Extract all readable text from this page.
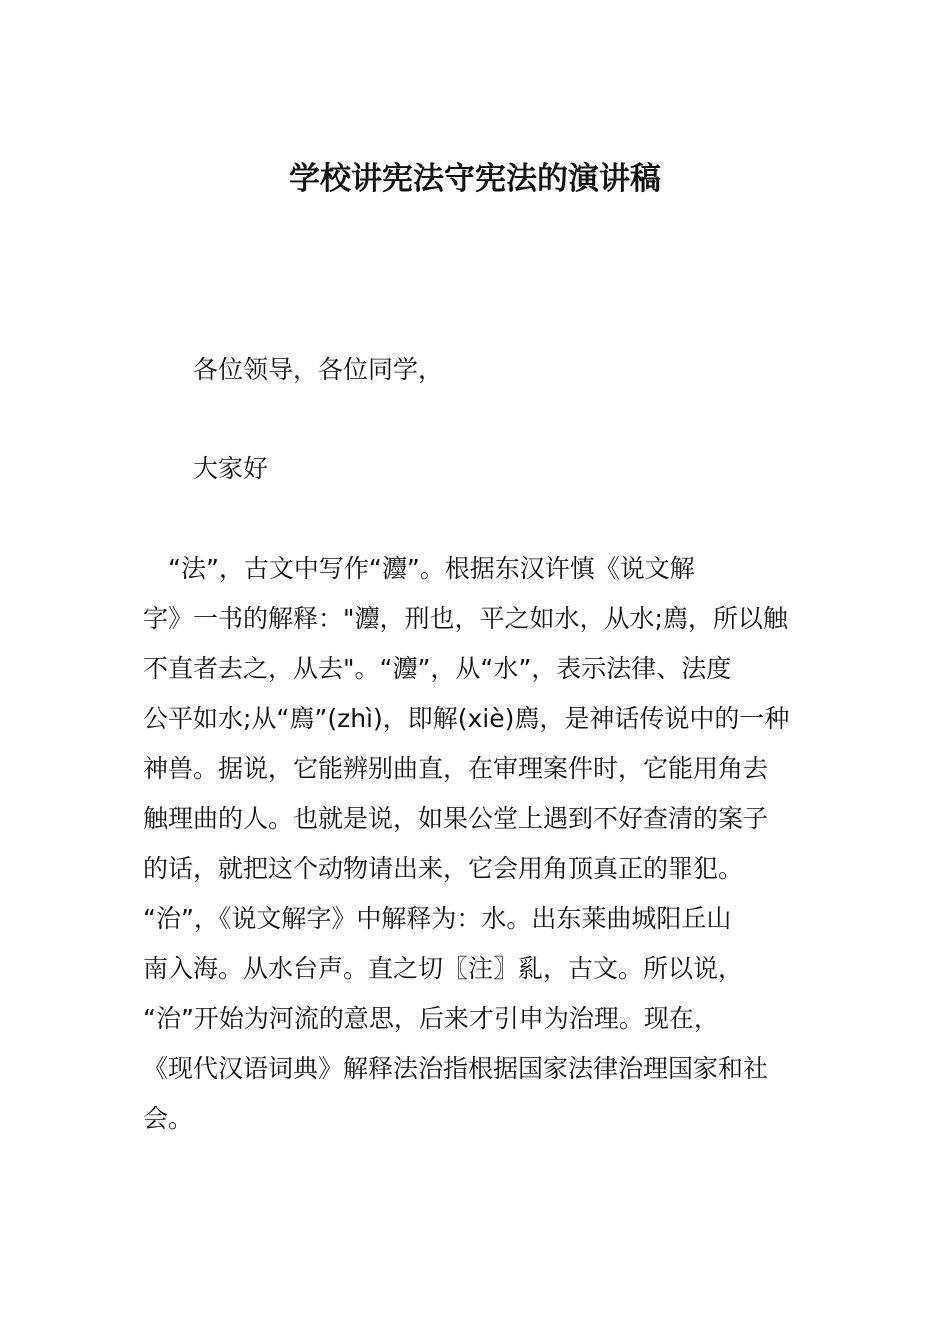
学校讲宪法守宪法的演讲稿

各位领导，各位同学，

大家好

　“法”，古文中写作“灋”。根据东汉许慎《说文解
字》一书的解释："灋，刑也，平之如水，从水;廌，所以触
不直者去之，从去"。“灋”，从“水”，表示法律、法度
公平如水;从“廌”(zhì)，即解(xiè)廌，是神话传说中的一种
神兽。据说，它能辨别曲直，在审理案件时，它能用角去
触理曲的人。也就是说，如果公堂上遇到不好查清的案子
的话，就把这个动物请出来，它会用角顶真正的罪犯。
“治”，《说文解字》中解释为：水。出东莱曲城阳丘山
南入海。从水台声。直之切〖注〗乿，古文。所以说，
“治”开始为河流的意思，后来才引申为治理。现在，
《现代汉语词典》解释法治指根据国家法律治理国家和社
会。
